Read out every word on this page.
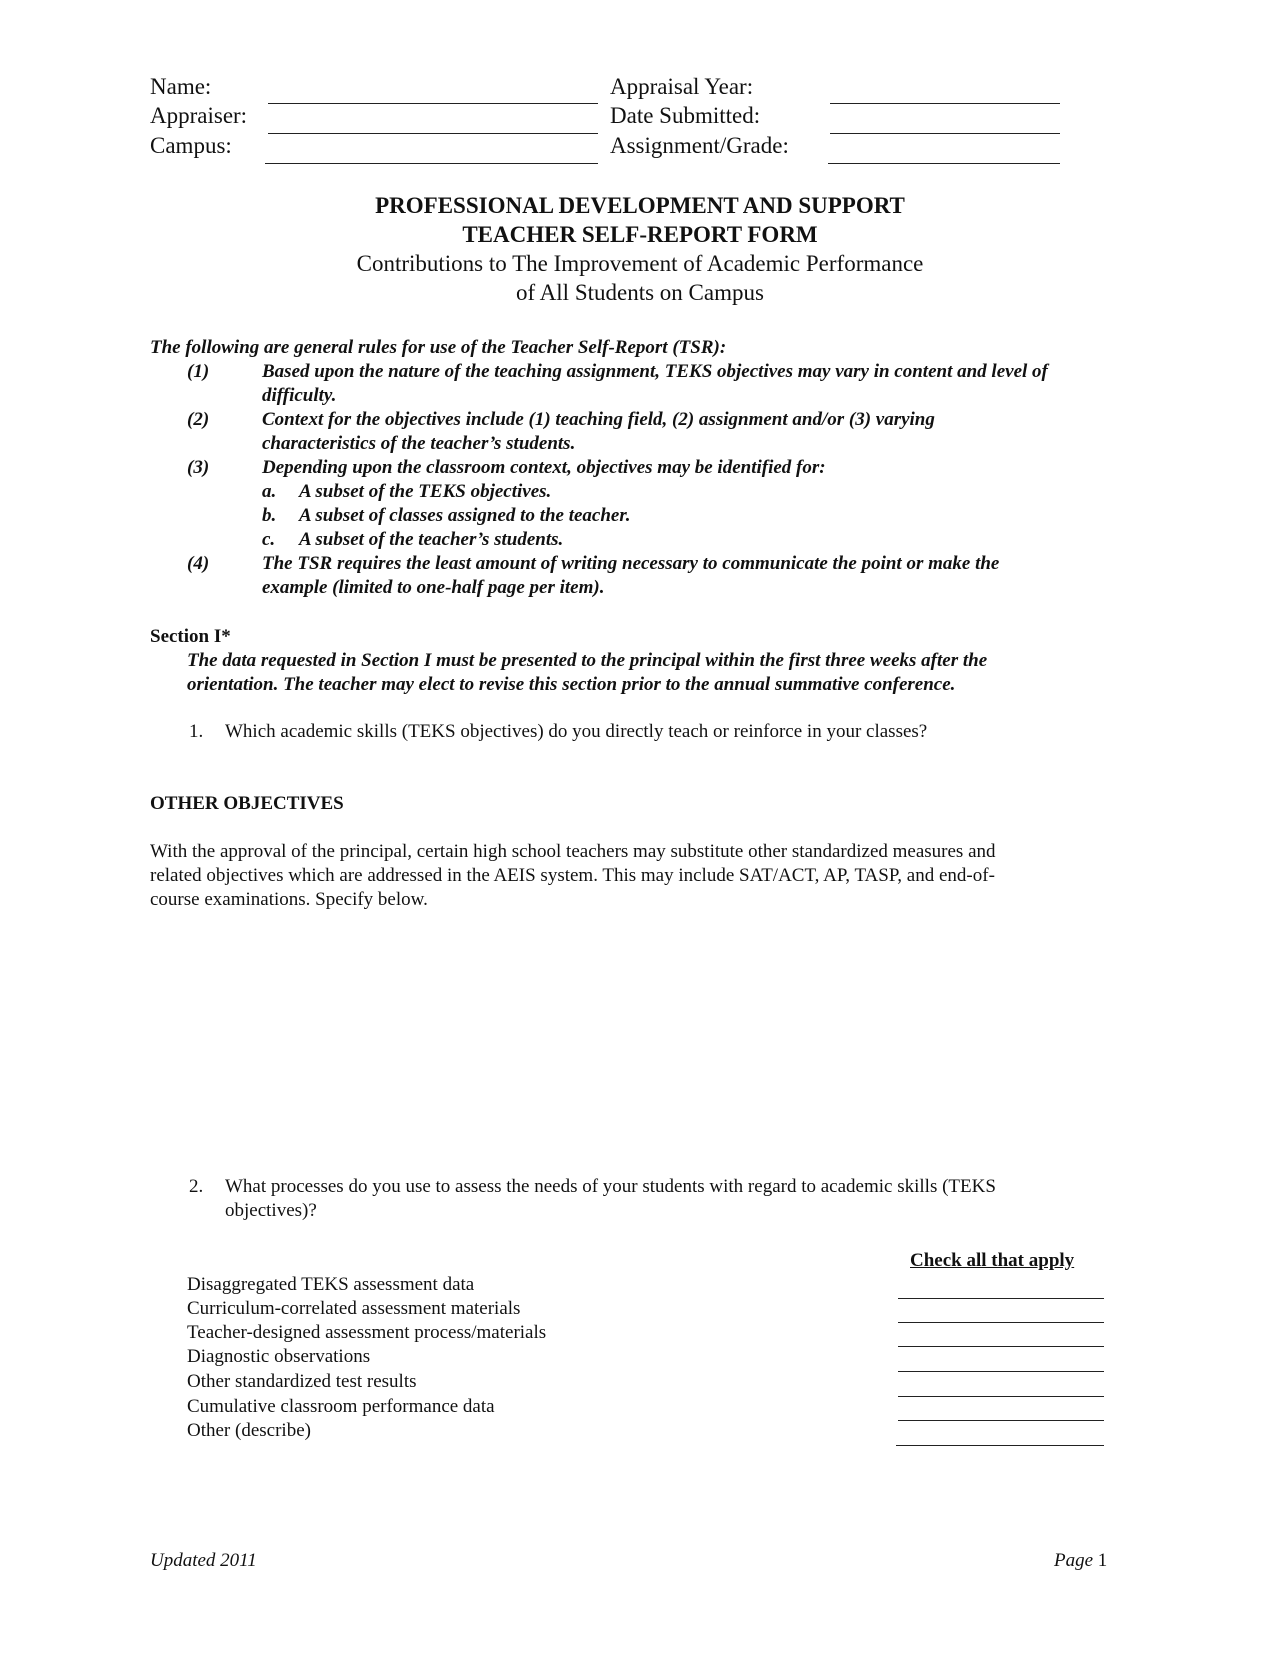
Name:
Appraiser:
Campus:
Appraisal Year:
Date Submitted:
Assignment/Grade:
PROFESSIONAL DEVELOPMENT AND SUPPORT
TEACHER SELF-REPORT FORM
Contributions to The Improvement of Academic Performance
of All Students on Campus
The following are general rules for use of the Teacher Self-Report (TSR):
(1)	Based upon the nature of the teaching assignment, TEKS objectives may vary in content and level of
difficulty.
(2)	Context for the objectives include (1) teaching field, (2) assignment and/or (3) varying
characteristics of the teacher’s students.
(3)	Depending upon the classroom context, objectives may be identified for:
a. A subset of the TEKS objectives.
b. A subset of classes assigned to the teacher.
c. A subset of the teacher’s students.
(4)	The TSR requires the least amount of writing necessary to communicate the point or make the
example (limited to one-half page per item).
Section I*
The data requested in Section I must be presented to the principal within the first three weeks after the
orientation. The teacher may elect to revise this section prior to the annual summative conference.
1. Which academic skills (TEKS objectives) do you directly teach or reinforce in your classes?
OTHER OBJECTIVES
With the approval of the principal, certain high school teachers may substitute other standardized measures and
related objectives which are addressed in the AEIS system. This may include SAT/ACT, AP, TASP, and end-of-
course examinations. Specify below.
2. What processes do you use to assess the needs of your students with regard to academic skills (TEKS
objectives)?
Check all that apply
Disaggregated TEKS assessment data
Curriculum-correlated assessment materials
Teacher-designed assessment process/materials
Diagnostic observations
Other standardized test results
Cumulative classroom performance data
Other (describe)
Updated 2011	Page 1
